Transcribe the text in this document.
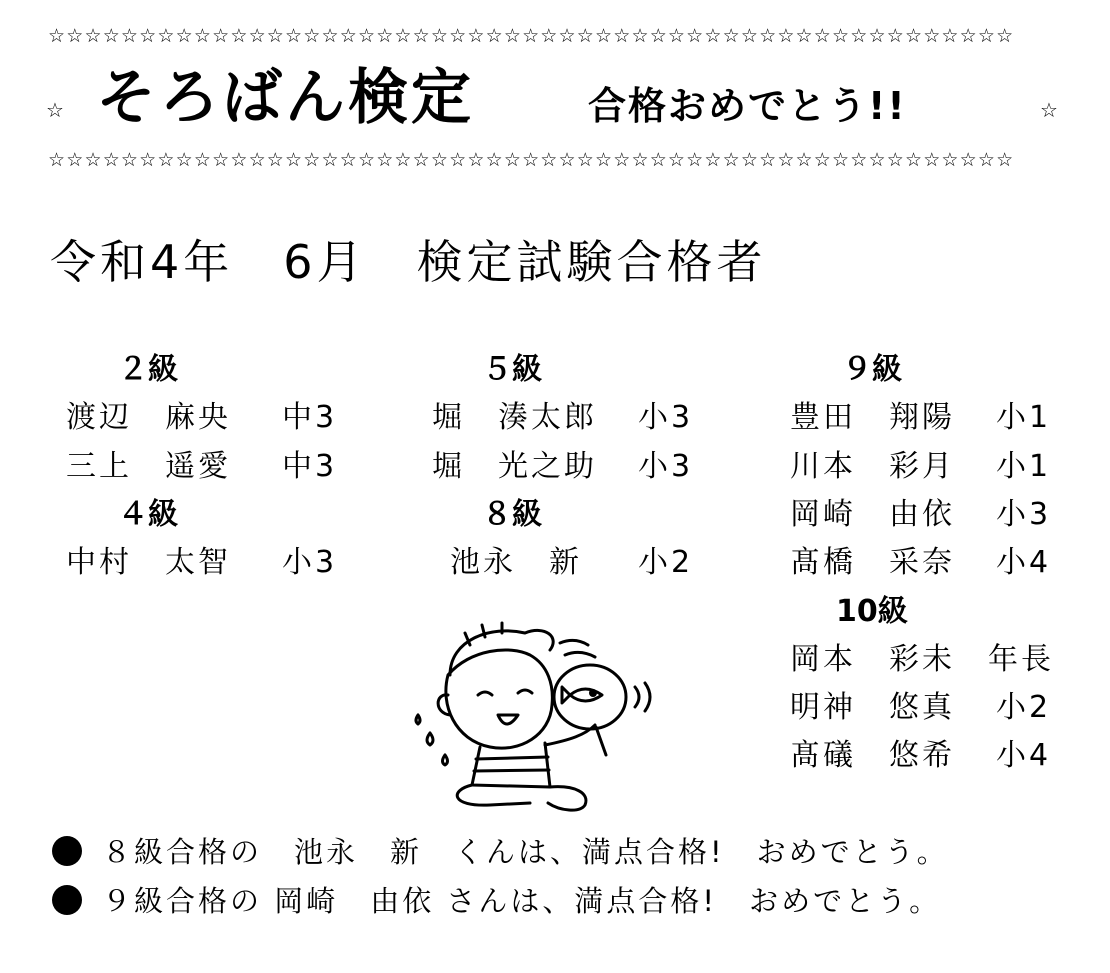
☆☆☆☆☆☆☆☆☆☆☆☆☆☆☆☆☆☆☆☆☆☆☆☆☆☆☆☆☆☆☆☆☆☆☆☆☆☆☆☆☆☆☆☆☆☆☆☆☆☆☆☆☆
☆ そろばん検定	合格おめでとう!!	☆
☆☆☆☆☆☆☆☆☆☆☆☆☆☆☆☆☆☆☆☆☆☆☆☆☆☆☆☆☆☆☆☆☆☆☆☆☆☆☆☆☆☆☆☆☆☆☆☆☆☆☆☆☆
令和4年　6月　検定試験合格者
２級
渡辺　麻央 中3
三上　遥愛 中3
４級
中村　太智 小3
５級
堀　湊太郎 小3
堀　光之助 小3
８級
池永　新 小2
９級
豊田　翔陽 小1
川本　彩月 小1
岡崎　由依 小3
髙橋　采奈 小4
10級
岡本　彩未 年長
明神　悠真 小2
髙礒　悠希 小4
８級合格の　池永　新　くんは、満点合格!　おめでとう。
９級合格の 岡崎　由依 さんは、満点合格!　おめでとう。
